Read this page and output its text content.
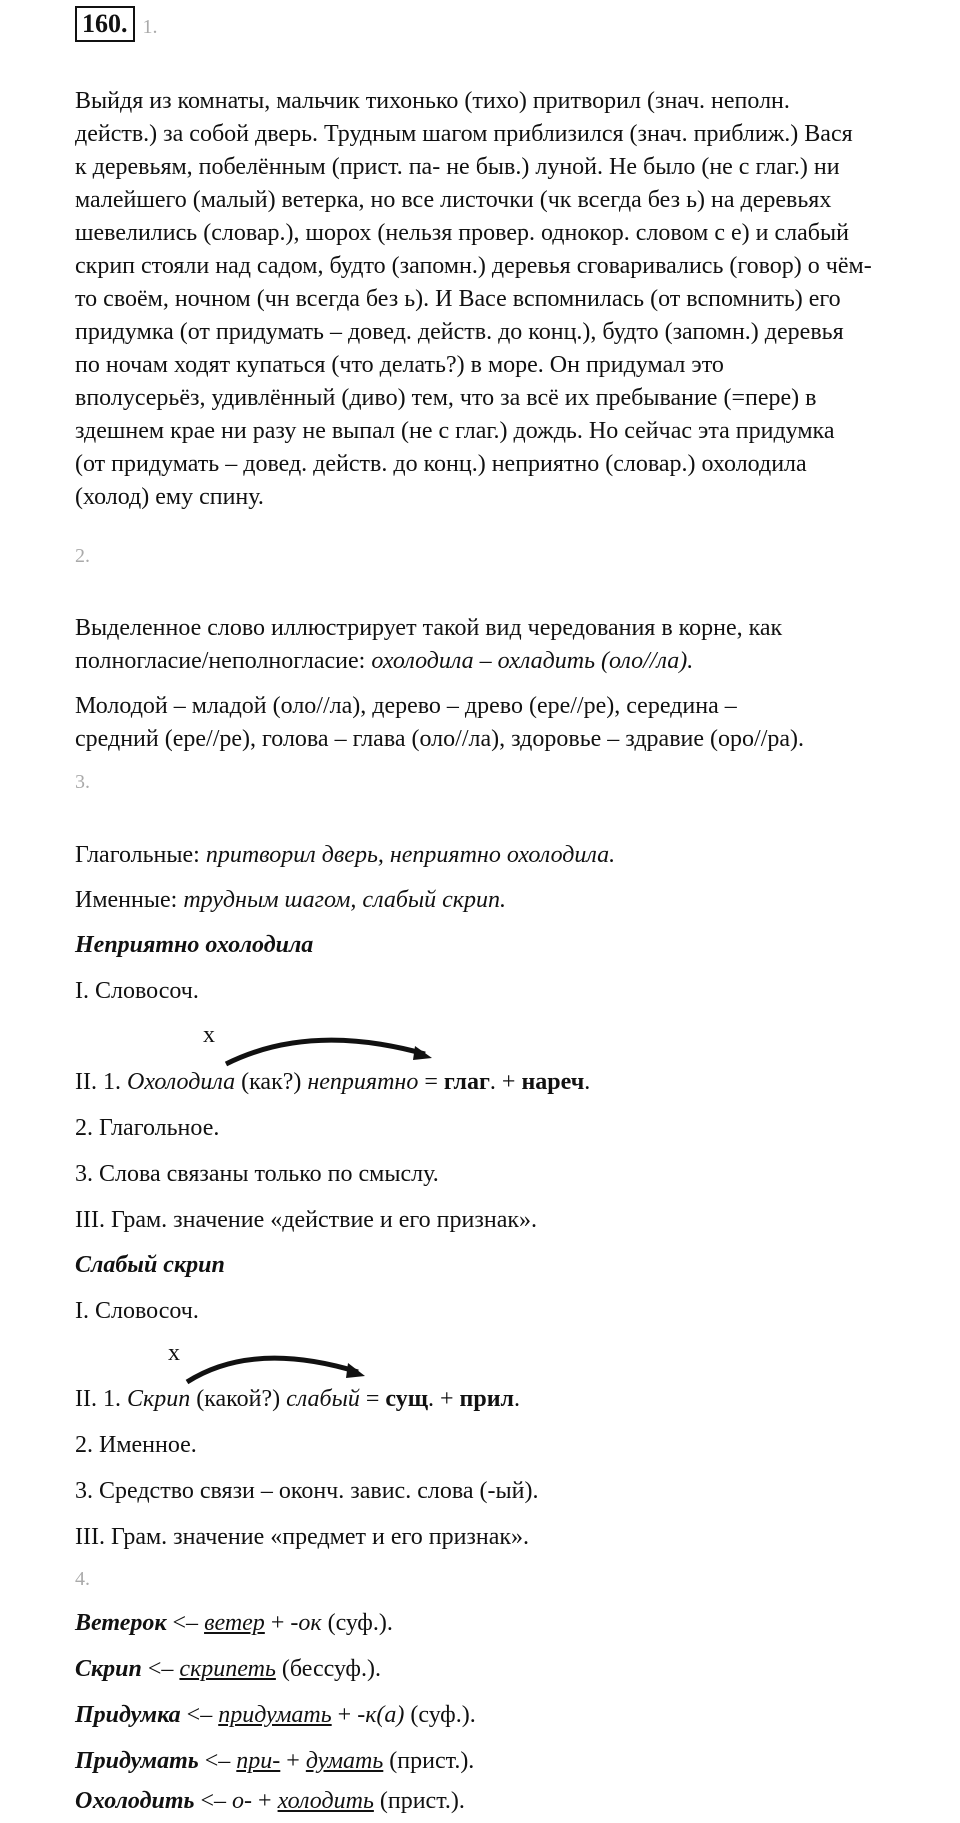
160. 1.
Выйдя из комнаты, мальчик тихонько (тихо) притворил (знач. неполн.
действ.) за собой дверь. Трудным шагом приблизился (знач. приближ.) Вася
к деревьям, побелённым (прист. па- не быв.) луной. Не было (не с глаг.) ни
малейшего (малый) ветерка, но все листочки (чк всегда без ь) на деревьях
шевелились (словар.), шорох (нельзя провер. однокор. словом с е) и слабый
скрип стояли над садом, будто (запомн.) деревья сговаривались (говор) о чём-
то своём, ночном (чн всегда без ь). И Васе вспомнилась (от вспомнить) его
придумка (от придумать – довед. действ. до конц.), будто (запомн.) деревья
по ночам ходят купаться (что делать?) в море. Он придумал это
вполусерьёз, удивлённый (диво) тем, что за всё их пребывание (=пере) в
здешнем крае ни разу не выпал (не с глаг.) дождь. Но сейчас эта придумка
(от придумать – довед. действ. до конц.) неприятно (словар.) охолодила
(холод) ему спину.
2.
Выделенное слово иллюстрирует такой вид чередования в корне, как
полногласие/неполногласие: охолодила – охладить (оло//ла).
Молодой – младой (оло//ла), дерево – древо (ере//ре), середина –
средний (ере//ре), голова – глава (оло//ла), здоровье – здравие (оро//ра).
3.
Глагольные: притворил дверь, неприятно охолодила.
Именные: трудным шагом, слабый скрип.
Неприятно охолодила
I. Словосоч.
x
II. 1. Охолодила (как?) неприятно = глаг. + нареч.
2. Глагольное.
3. Слова связаны только по смыслу.
III. Грам. значение «действие и его признак».
Слабый скрип
I. Словосоч.
x
II. 1. Скрип (какой?) слабый = сущ. + прил.
2. Именное.
3. Средство связи – оконч. завис. слова (-ый).
III. Грам. значение «предмет и его признак».
4.
Ветерок <– ветер + -ок (суф.).
Скрип <– скрипеть (бессуф.).
Придумка <– придумать + -к(а) (суф.).
Придумать <– при- + думать (прист.).
Охолодить <– о- + холодить (прист.).
